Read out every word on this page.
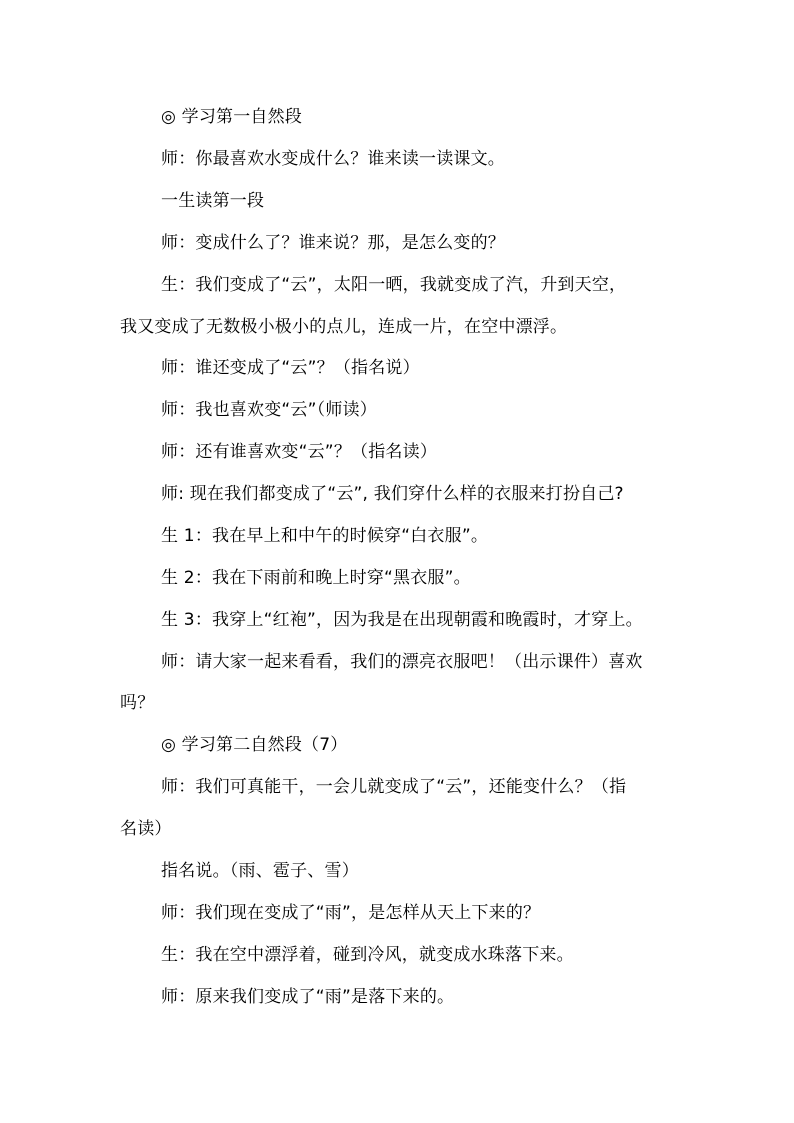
◎ 学习第一自然段
师：你最喜欢水变成什么？谁来读一读课文。
一生读第一段
师：变成什么了？谁来说？那，是怎么变的？
生：我们变成了“云”，太阳一晒，我就变成了汽，升到天空，
我又变成了无数极小极小的点儿，连成一片，在空中漂浮。
师：谁还变成了“云”？（指名说）
师：我也喜欢变“云”（师读）
师：还有谁喜欢变“云”？（指名读）
师: 现在我们都变成了“云”, 我们穿什么样的衣服来打扮自己?
生 1：我在早上和中午的时候穿“白衣服”。
生 2：我在下雨前和晚上时穿“黑衣服”。
生 3：我穿上“红袍”，因为我是在出现朝霞和晚霞时，才穿上。
师：请大家一起来看看，我们的漂亮衣服吧！（出示课件）喜欢
吗？
◎ 学习第二自然段（7）
师：我们可真能干，一会儿就变成了“云”，还能变什么？（指
名读）
指名说。（雨、雹子、雪）
师：我们现在变成了“雨”，是怎样从天上下来的？
生：我在空中漂浮着，碰到冷风，就变成水珠落下来。
师：原来我们变成了“雨”是落下来的。
